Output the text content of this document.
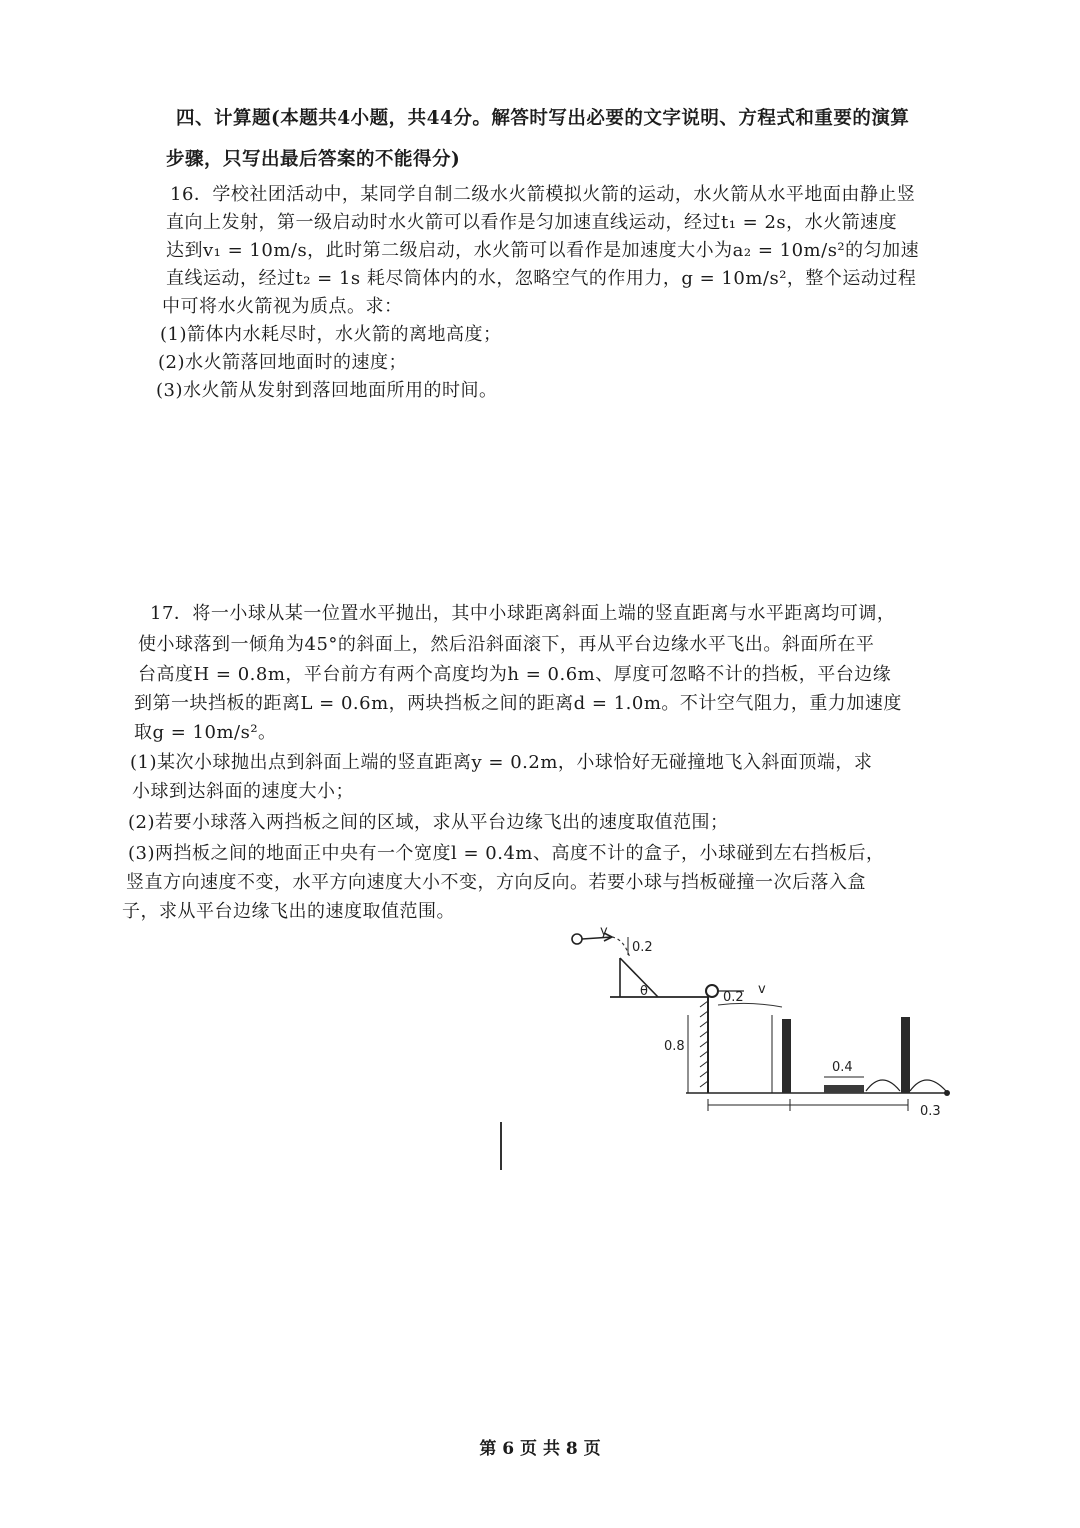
四、计算题(本题共4小题，共44分。解答时写出必要的文字说明、方程式和重要的演算
步骤，只写出最后答案的不能得分)
16．学校社团活动中，某同学自制二级水火箭模拟火箭的运动，水火箭从水平地面由静止竖
直向上发射，第一级启动时水火箭可以看作是匀加速直线运动，经过t₁ = 2s，水火箭速度
达到v₁ = 10m/s，此时第二级启动，水火箭可以看作是加速度大小为a₂ = 10m/s²的匀加速
直线运动，经过t₂ = 1s 耗尽筒体内的水，忽略空气的作用力，g = 10m/s²，整个运动过程
中可将水火箭视为质点。求：
(1)箭体内水耗尽时，水火箭的离地高度；
(2)水火箭落回地面时的速度；
(3)水火箭从发射到落回地面所用的时间。
17．将一小球从某一位置水平抛出，其中小球距离斜面上端的竖直距离与水平距离均可调，
使小球落到一倾角为45°的斜面上，然后沿斜面滚下，再从平台边缘水平飞出。斜面所在平
台高度H = 0.8m，平台前方有两个高度均为h = 0.6m、厚度可忽略不计的挡板，平台边缘
到第一块挡板的距离L = 0.6m，两块挡板之间的距离d = 1.0m。不计空气阻力，重力加速度
取g = 10m/s²。
(1)某次小球抛出点到斜面上端的竖直距离y = 0.2m，小球恰好无碰撞地飞入斜面顶端，求
小球到达斜面的速度大小；
(2)若要小球落入两挡板之间的区域，求从平台边缘飞出的速度取值范围；
(3)两挡板之间的地面正中央有一个宽度l = 0.4m、高度不计的盒子，小球碰到左右挡板后，
竖直方向速度不变，水平方向速度大小不变，方向反向。若要小球与挡板碰撞一次后落入盒
子，求从平台边缘飞出的速度取值范围。
y
0.2
θ	0.2
v
0.8
0.4
0.3
第 6 页 共 8 页
